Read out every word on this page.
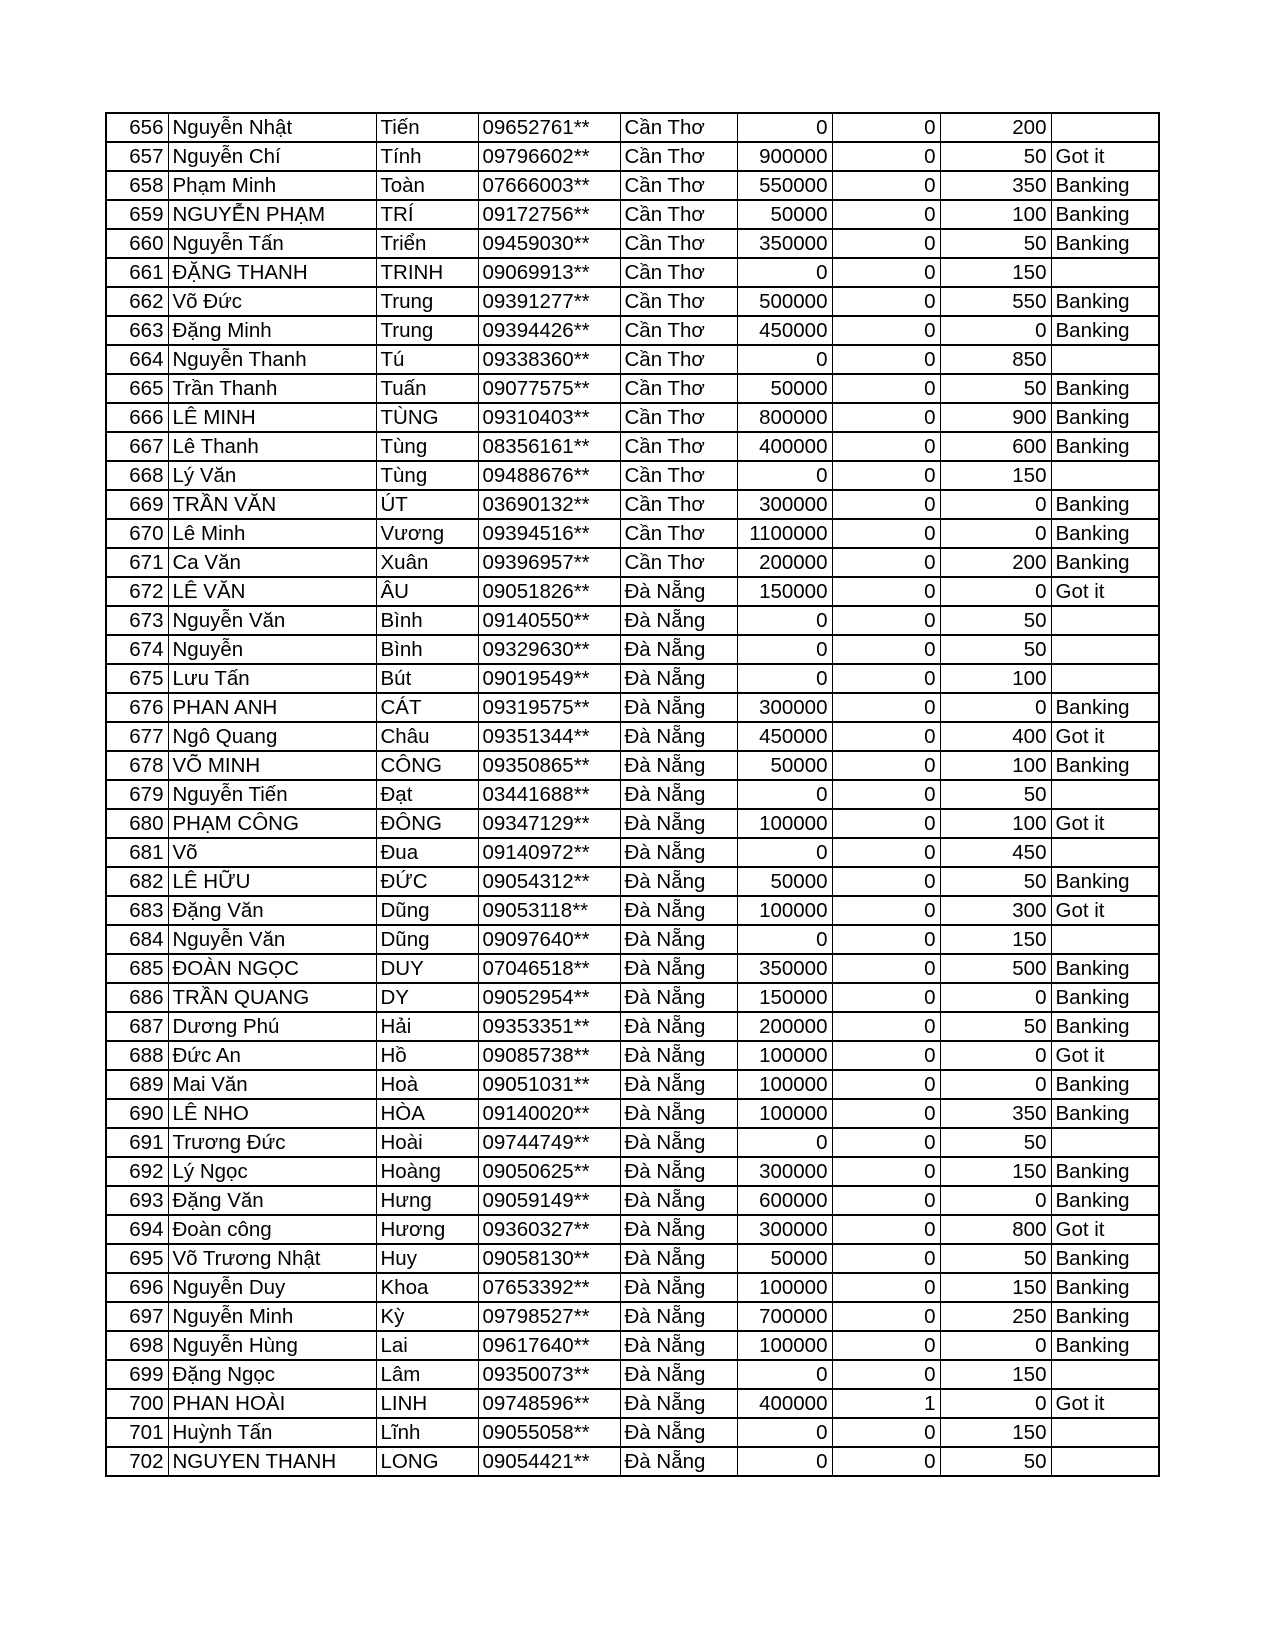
656	Nguyễn Nhật	Tiến	09652761**	Cần Thơ	0	0	200	
657	Nguyễn Chí	Tính	09796602**	Cần Thơ	900000	0	50	Got it
658	Phạm Minh	Toàn	07666003**	Cần Thơ	550000	0	350	Banking
659	NGUYỄN PHẠM	TRÍ	09172756**	Cần Thơ	50000	0	100	Banking
660	Nguyễn Tấn	Triển	09459030**	Cần Thơ	350000	0	50	Banking
661	ĐẶNG THANH	TRINH	09069913**	Cần Thơ	0	0	150	
662	Võ Đức	Trung	09391277**	Cần Thơ	500000	0	550	Banking
663	Đặng Minh	Trung	09394426**	Cần Thơ	450000	0	0	Banking
664	Nguyễn Thanh	Tú	09338360**	Cần Thơ	0	0	850	
665	Trần Thanh	Tuấn	09077575**	Cần Thơ	50000	0	50	Banking
666	LÊ MINH	TÙNG	09310403**	Cần Thơ	800000	0	900	Banking
667	Lê Thanh	Tùng	08356161**	Cần Thơ	400000	0	600	Banking
668	Lý Văn	Tùng	09488676**	Cần Thơ	0	0	150	
669	TRẦN VĂN	ÚT	03690132**	Cần Thơ	300000	0	0	Banking
670	Lê Minh	Vương	09394516**	Cần Thơ	1100000	0	0	Banking
671	Ca Văn	Xuân	09396957**	Cần Thơ	200000	0	200	Banking
672	LÊ VĂN	ÂU	09051826**	Đà Nẵng	150000	0	0	Got it
673	Nguyễn Văn	Bình	09140550**	Đà Nẵng	0	0	50	
674	Nguyễn	Bình	09329630**	Đà Nẵng	0	0	50	
675	Lưu Tấn	Bút	09019549**	Đà Nẵng	0	0	100	
676	PHAN ANH	CÁT	09319575**	Đà Nẵng	300000	0	0	Banking
677	Ngô Quang	Châu	09351344**	Đà Nẵng	450000	0	400	Got it
678	VÕ MINH	CÔNG	09350865**	Đà Nẵng	50000	0	100	Banking
679	Nguyễn Tiến	Đạt	03441688**	Đà Nẵng	0	0	50	
680	PHẠM CÔNG	ĐÔNG	09347129**	Đà Nẵng	100000	0	100	Got it
681	Võ	Đua	09140972**	Đà Nẵng	0	0	450	
682	LÊ HỮU	ĐỨC	09054312**	Đà Nẵng	50000	0	50	Banking
683	Đặng Văn	Dũng	09053118**	Đà Nẵng	100000	0	300	Got it
684	Nguyễn Văn	Dũng	09097640**	Đà Nẵng	0	0	150	
685	ĐOÀN NGỌC	DUY	07046518**	Đà Nẵng	350000	0	500	Banking
686	TRẦN QUANG	DY	09052954**	Đà Nẵng	150000	0	0	Banking
687	Dương Phú	Hải	09353351**	Đà Nẵng	200000	0	50	Banking
688	Đức An	Hồ	09085738**	Đà Nẵng	100000	0	0	Got it
689	Mai Văn	Hoà	09051031**	Đà Nẵng	100000	0	0	Banking
690	LÊ NHO	HÒA	09140020**	Đà Nẵng	100000	0	350	Banking
691	Trương Đức	Hoài	09744749**	Đà Nẵng	0	0	50	
692	Lý Ngọc	Hoàng	09050625**	Đà Nẵng	300000	0	150	Banking
693	Đặng Văn	Hưng	09059149**	Đà Nẵng	600000	0	0	Banking
694	Đoàn công	Hương	09360327**	Đà Nẵng	300000	0	800	Got it
695	Võ Trương Nhật	Huy	09058130**	Đà Nẵng	50000	0	50	Banking
696	Nguyễn Duy	Khoa	07653392**	Đà Nẵng	100000	0	150	Banking
697	Nguyễn Minh	Kỳ	09798527**	Đà Nẵng	700000	0	250	Banking
698	Nguyễn Hùng	Lai	09617640**	Đà Nẵng	100000	0	0	Banking
699	Đặng Ngọc	Lâm	09350073**	Đà Nẵng	0	0	150	
700	PHAN HOÀI	LINH	09748596**	Đà Nẵng	400000	1	0	Got it
701	Huỳnh Tấn	Lĩnh	09055058**	Đà Nẵng	0	0	150	
702	NGUYEN THANH	LONG	09054421**	Đà Nẵng	0	0	50	
